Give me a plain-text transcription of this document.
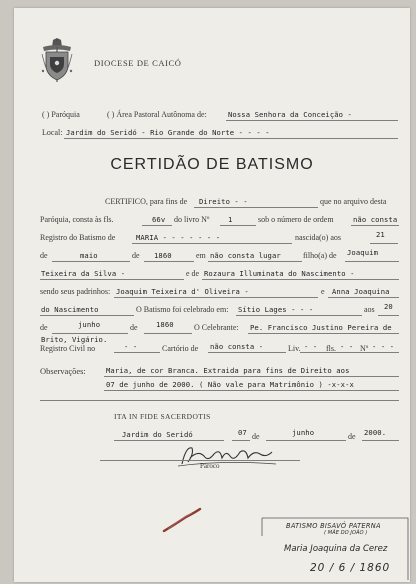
DIOCESE DE CAICÓ
( ) Paróquia	( ) Área Pastoral Autônoma de:	Nossa Senhora da Conceição -
Local: Jardim do Seridó - Rio Grande do Norte - - - -
CERTIDÃO DE BATISMO
CERTIFICO, para fins de Direito - -	que no arquivo desta
Paróquia, consta às fls.	66v do livro Nº	1	sob o número de ordem	não consta
Registro do Batismo de	MARIA - - - - - - -	nascida(o) aos	21
de	maio	de 1860	em não consta lugar	filho(a) de Joaquim
Teixeira da Silva -	e de Rozaura Illuminata do Nascimento -
sendo seus padrinhos: Joaquim Teixeira d' Oliveira -	e Anna Joaquina
do Nascimento	O Batismo foi celebrado em: Sítio Lages - - -	aos 20
de	junho	de	1860	O Celebrante: Pe. Francisco Justino Pereira de
Brito, Vigário.
Registro Civil no	- -	Cartório de não consta -	Liv. - - fls. - - Nº - - -
Observações:	Maria, de cor Branca. Extraida para fins de Direito aos
07 de junho de 2000. ( Não vale para Matrimônio ) -x-x-x
ITA IN FIDE SACERDOTIS
Jardim do Seridó	07 de	junho	de 2000.
Pároco
BATISMO BISAVÓ PATERNA
( MÃE DO JOÃO )
Maria Joaquina da Cerez
20 / 6 / 1860
